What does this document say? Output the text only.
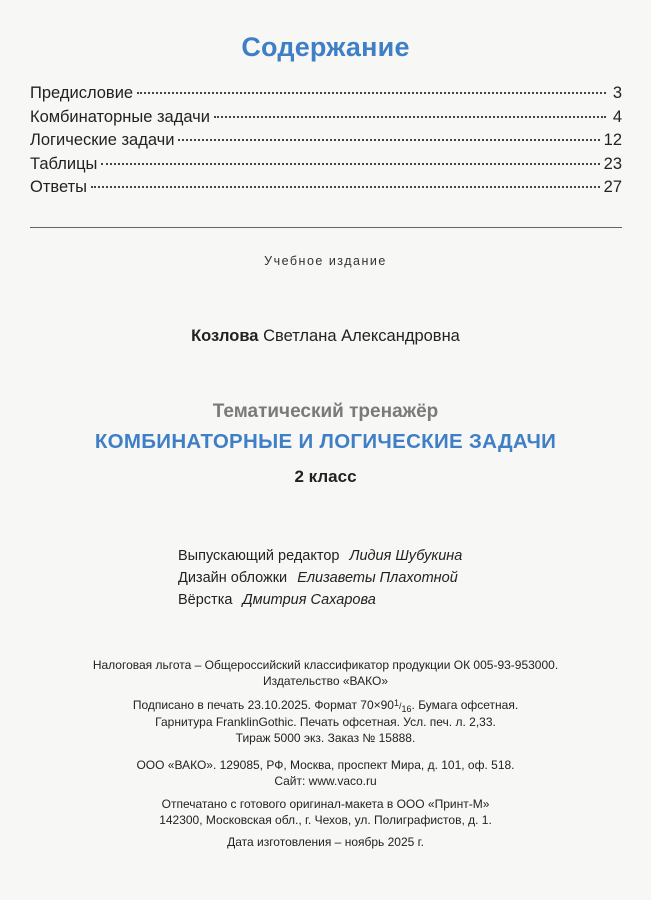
Содержание
Предисловие	3
Комбинаторные задачи	4
Логические задачи	12
Таблицы	23
Ответы	27
Учебное издание
Козлова Светлана Александровна
Тематический тренажёр
КОМБИНАТОРНЫЕ И ЛОГИЧЕСКИЕ ЗАДАЧИ
2 класс
Выпускающий редактор Лидия Шубукина
Дизайн обложки Елизаветы Плахотной
Вёрстка Дмитрия Сахарова
Налоговая льгота – Общероссийский классификатор продукции ОК 005-93-953000.
Издательство «ВАКО»
Подписано в печать 23.10.2025. Формат 70×901/16. Бумага офсетная.
Гарнитура FranklinGothic. Печать офсетная. Усл. печ. л. 2,33.
Тираж 5000 экз. Заказ № 15888.
ООО «ВАКО». 129085, РФ, Москва, проспект Мира, д. 101, оф. 518.
Сайт: www.vaco.ru
Отпечатано с готового оригинал-макета в ООО «Принт-М»
142300, Московская обл., г. Чехов, ул. Полиграфистов, д. 1.
Дата изготовления – ноябрь 2025 г.
